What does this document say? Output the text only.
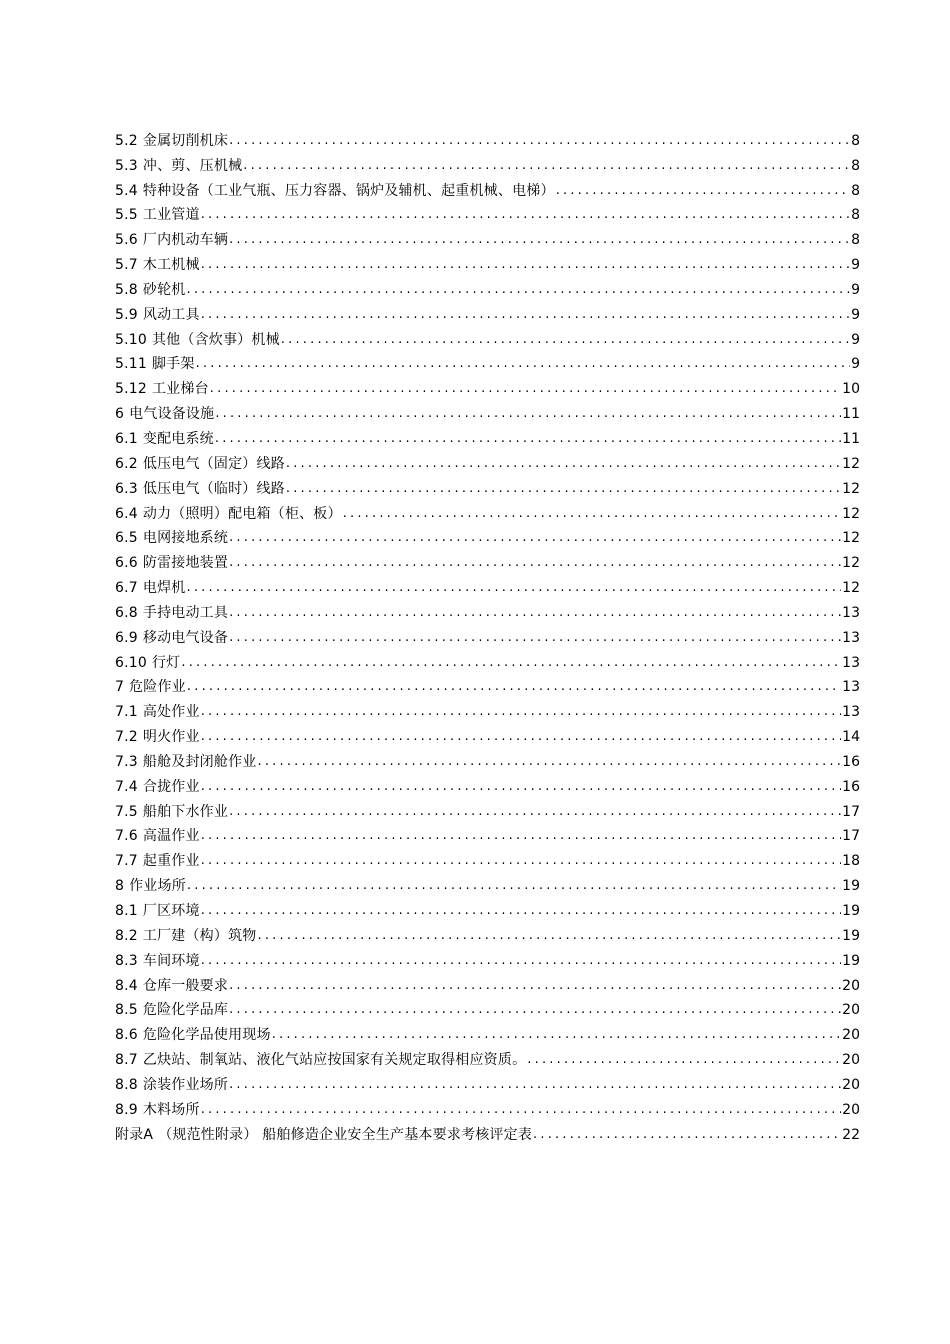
5.2 金属切削机床 .....	8
5.3 冲、剪、压机械 .....	8
5.4 特种设备（工业气瓶、压力容器、锅炉及辅机、起重机械、电梯） .....	8
5.5 工业管道 .....	8
5.6 厂内机动车辆 .....	8
5.7 木工机械 .....	9
5.8 砂轮机 .....	9
5.9 风动工具 .....	9
5.10 其他（含炊事）机械 .....	9
5.11 脚手架 .....	9
5.12 工业梯台 .....	10
6 电气设备设施 .....	11
6.1 变配电系统 .....	11
6.2 低压电气（固定）线路 .....	12
6.3 低压电气（临时）线路 .....	12
6.4 动力（照明）配电箱（柜、板） .....	12
6.5 电网接地系统 .....	12
6.6 防雷接地装置 .....	12
6.7 电焊机 .....	12
6.8 手持电动工具 .....	13
6.9 移动电气设备 .....	13
6.10 行灯 .....	13
7 危险作业 .....	13
7.1 高处作业 .....	13
7.2 明火作业 .....	14
7.3 船舱及封闭舱作业 .....	16
7.4 合拢作业 .....	16
7.5 船舶下水作业 .....	17
7.6 高温作业 .....	17
7.7 起重作业 .....	18
8 作业场所 .....	19
8.1 厂区环境 .....	19
8.2 工厂建（构）筑物 .....	19
8.3 车间环境 .....	19
8.4 仓库一般要求 .....	20
8.5 危险化学品库 .....	20
8.6 危险化学品使用现场 .....	20
8.7 乙炔站、制氧站、液化气站应按国家有关规定取得相应资质。 .....	20
8.8 涂装作业场所 .....	20
8.9 木料场所 .....	20
附录A （规范性附录） 船舶修造企业安全生产基本要求考核评定表 .....	22
